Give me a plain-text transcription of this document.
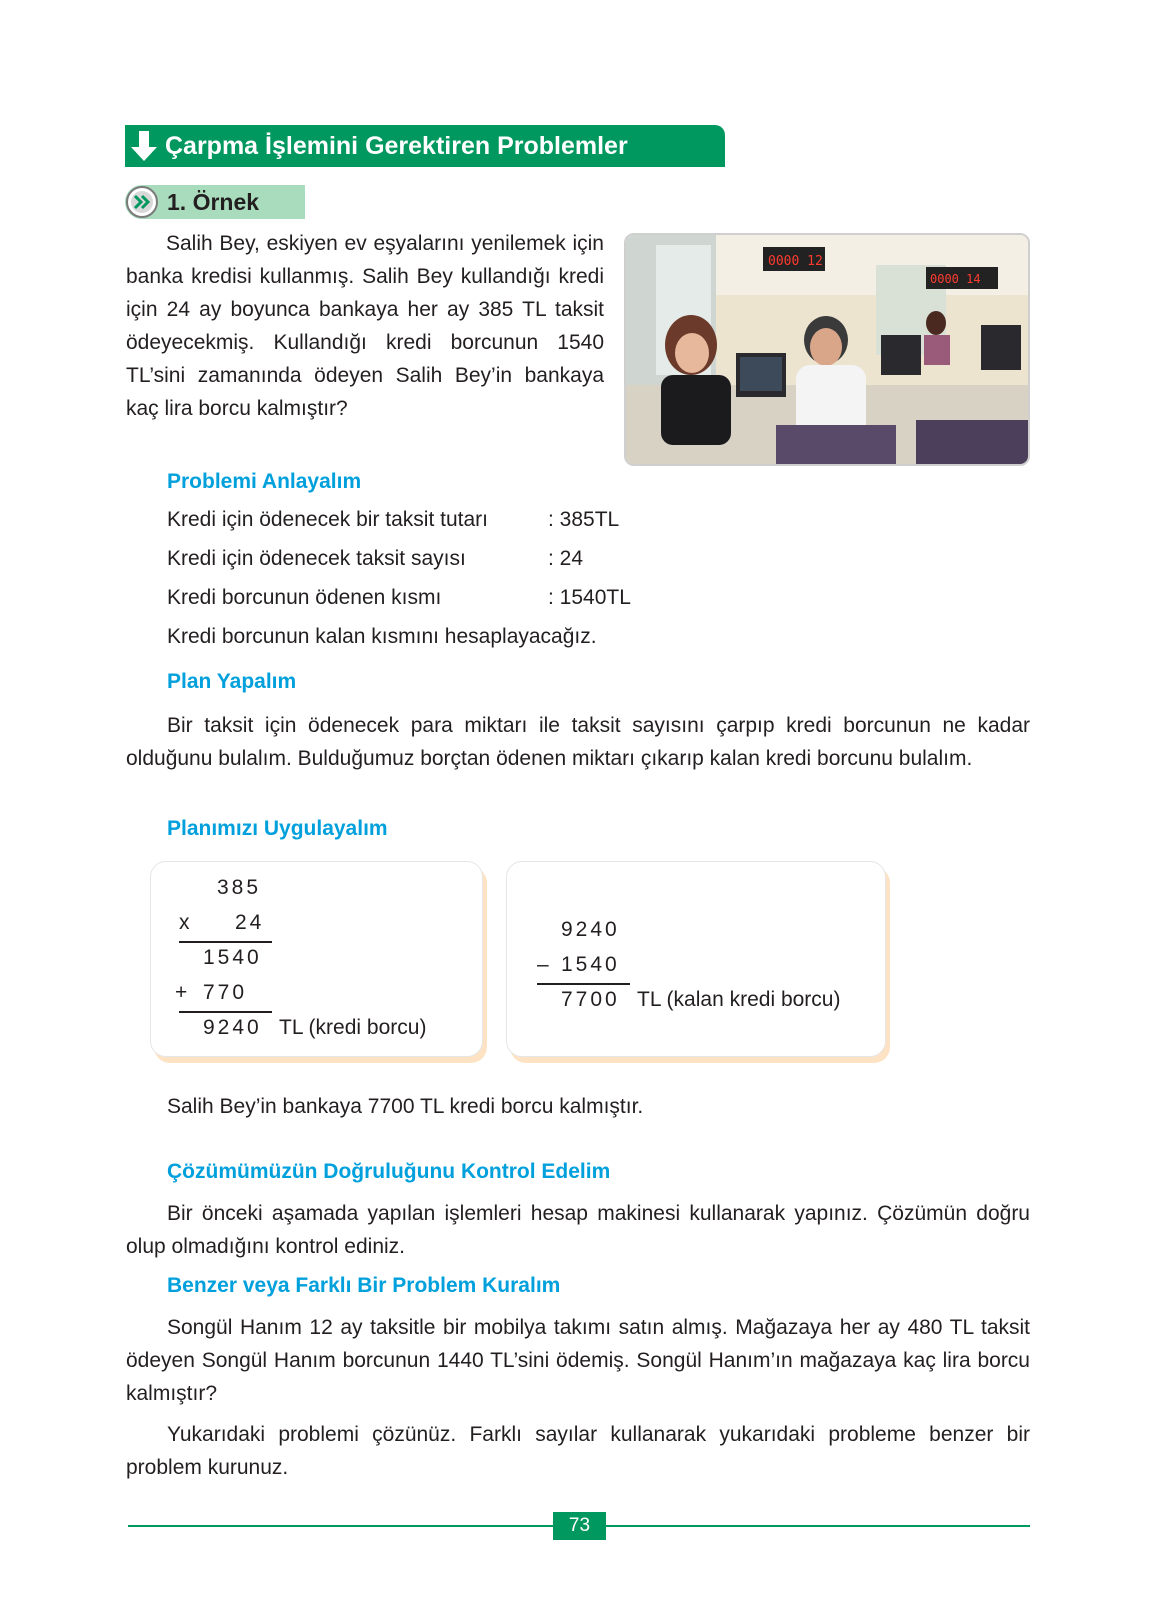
Çarpma İşlemini Gerektiren Problemler
1. Örnek
Salih Bey, eskiyen ev eşyalarını yenilemek için banka kredisi kullanmış. Salih Bey kullandığı kredi için 24 ay boyunca bankaya her ay 385 TL taksit ödeyecekmiş. Kullandığı kredi borcunun 1540 TL’sini zamanında ödeyen Salih Bey’in bankaya kaç lira borcu kalmıştır?
0000 12
0000 14
Problemi Anlayalım
Kredi için ödenecek bir taksit tutarı	: 385TL
Kredi için ödenecek taksit sayısı	: 24
Kredi borcunun ödenen kısmı	: 1540TL
Kredi borcunun kalan kısmını hesaplayacağız.
Plan Yapalım
Bir taksit için ödenecek para miktarı ile taksit sayısını çarpıp kredi borcunun ne kadar olduğunu bulalım. Bulduğumuz borçtan ödenen miktarı çıkarıp kalan kredi borcunu bulalım.
Planımızı Uygulayalım
385
x 24
1540
+ 770
9240 TL (kredi borcu)
9240
– 1540
7700 TL (kalan kredi borcu)
Salih Bey’in bankaya 7700 TL kredi borcu kalmıştır.
Çözümümüzün Doğruluğunu Kontrol Edelim
Bir önceki aşamada yapılan işlemleri hesap makinesi kullanarak yapınız. Çözümün doğru olup olmadığını kontrol ediniz.
Benzer veya Farklı Bir Problem Kuralım
Songül Hanım 12 ay taksitle bir mobilya takımı satın almış. Mağazaya her ay 480 TL taksit ödeyen Songül Hanım borcunun 1440 TL’sini ödemiş. Songül Hanım’ın mağazaya kaç lira borcu kalmıştır?
Yukarıdaki problemi çözünüz. Farklı sayılar kullanarak yukarıdaki probleme benzer bir problem kurunuz.
73
